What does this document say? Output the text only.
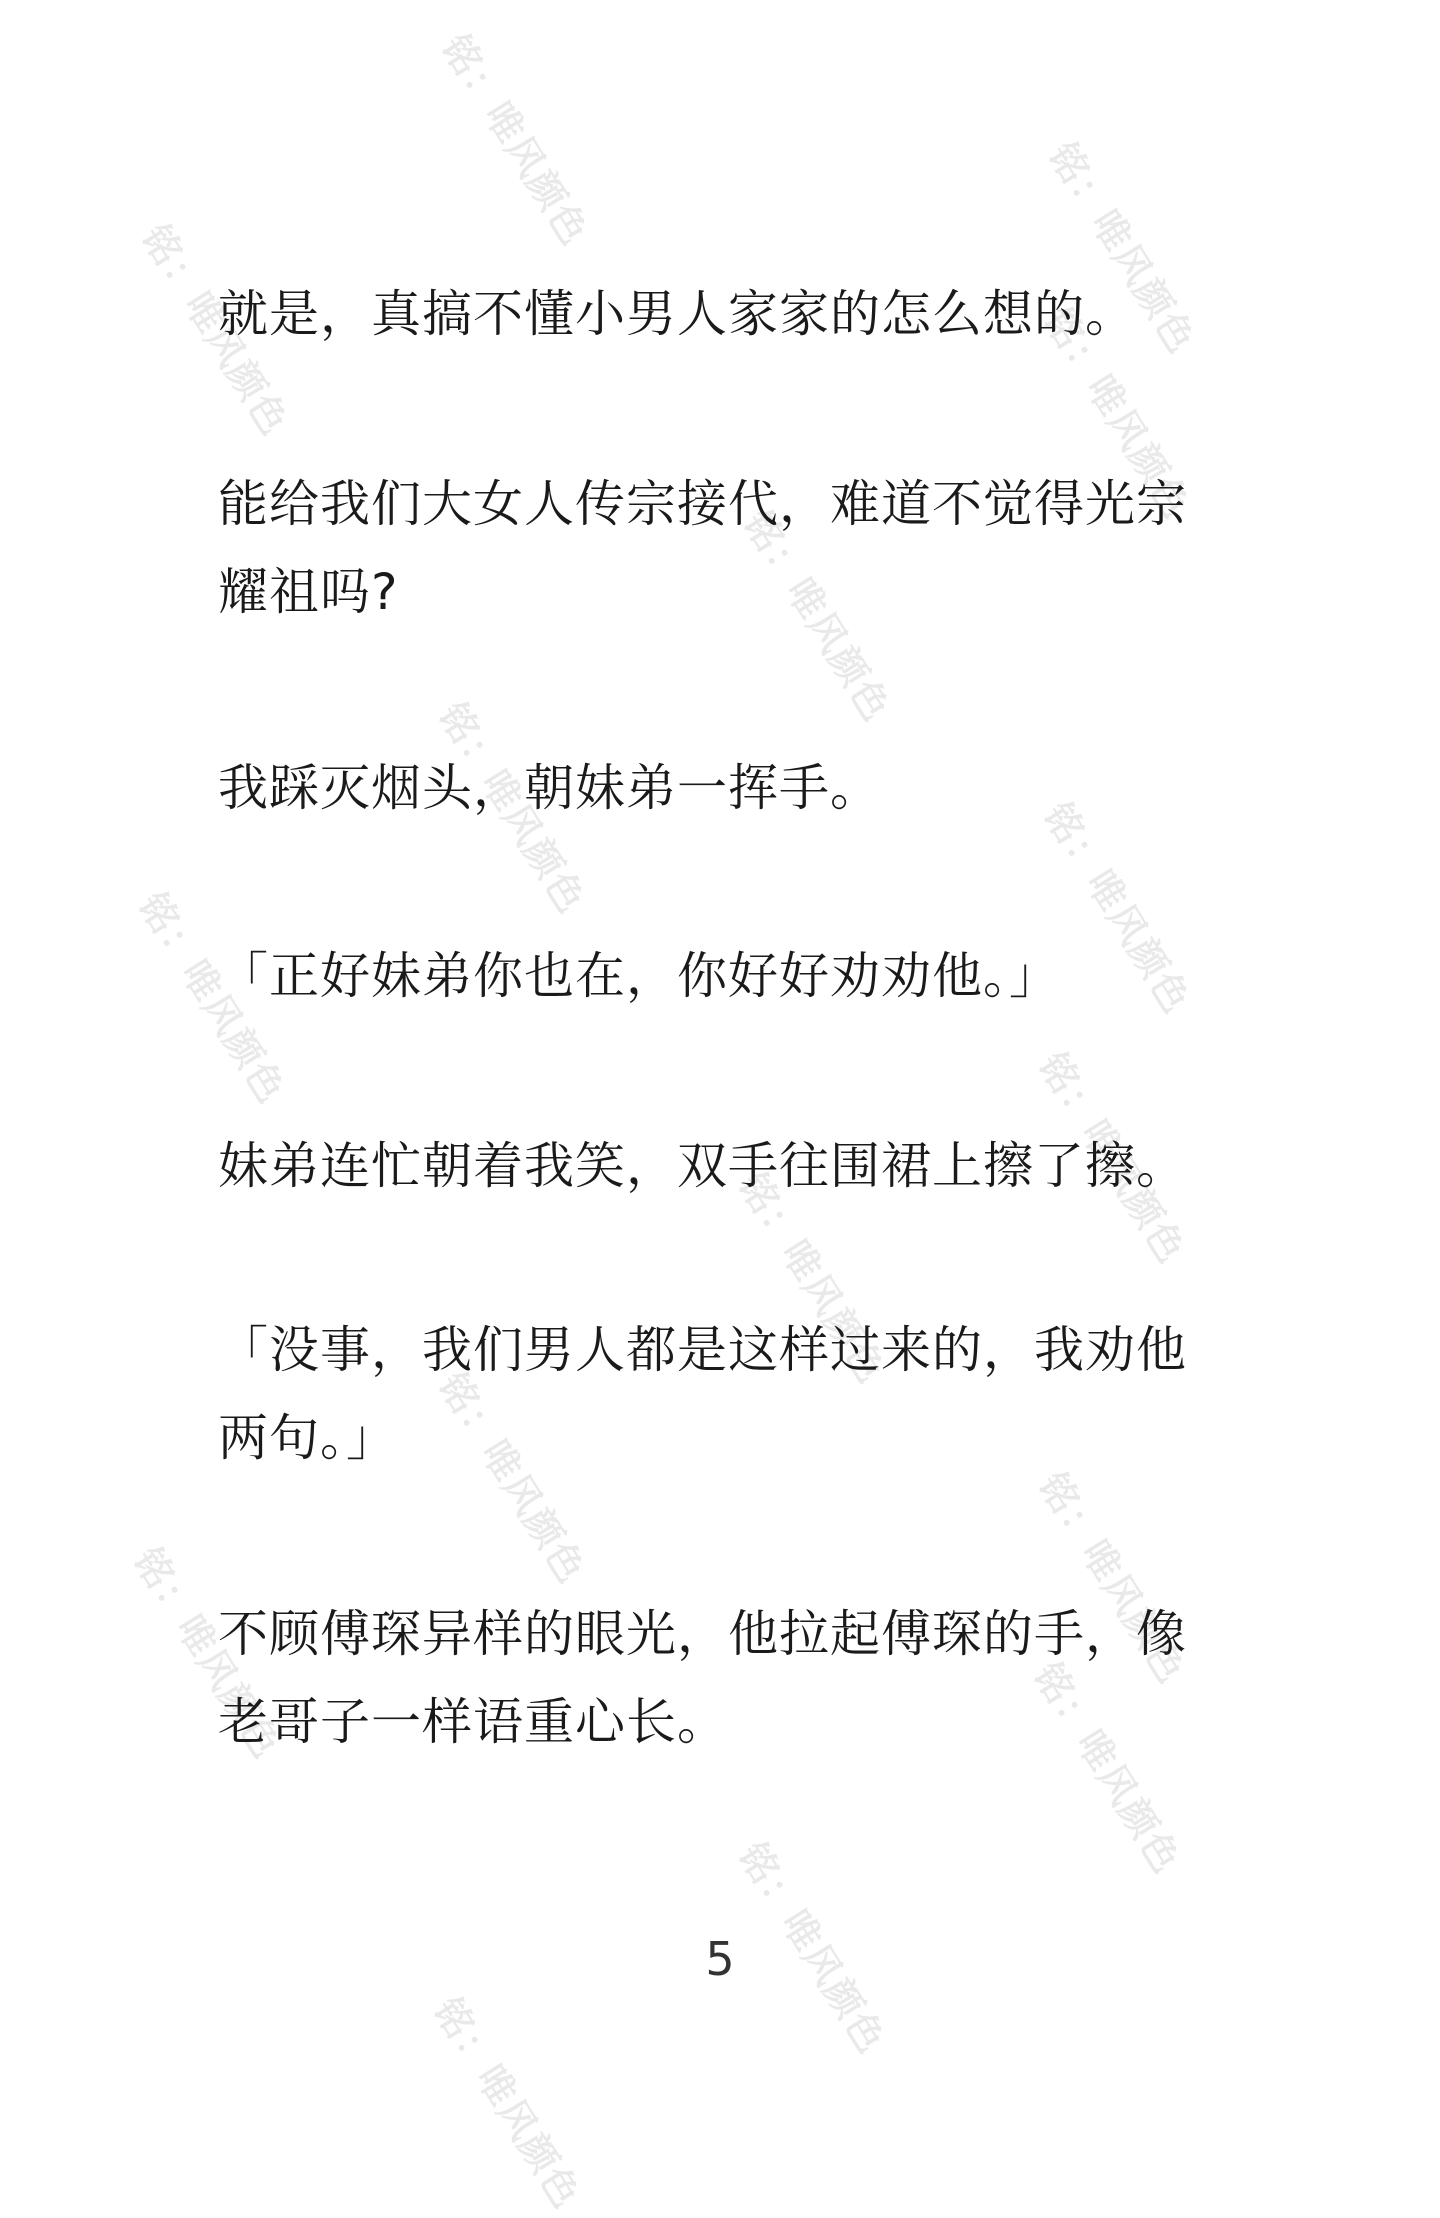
铭：唯风颜色
铭：唯风颜色	铭：唯风颜色
铭：唯风颜色
铭：唯风颜色
铭：唯风颜色
铭：唯风颜色	铭：唯风颜色
铭：唯风颜色
铭：唯风颜色
铭：唯风颜色
铭：唯风颜色	铭：唯风颜色
铭：唯风颜色
铭：唯风颜色
铭：唯风颜色

就是，真搞不懂小男人家家的怎么想的。

能给我们大女人传宗接代，难道不觉得光宗耀祖吗?

我踩灭烟头，朝妹弟一挥手。

「正好妹弟你也在，你好好劝劝他。」

妹弟连忙朝着我笑，双手往围裙上擦了擦。

「没事，我们男人都是这样过来的，我劝他两句。」

不顾傅琛异样的眼光，他拉起傅琛的手，像老哥子一样语重心长。

5
